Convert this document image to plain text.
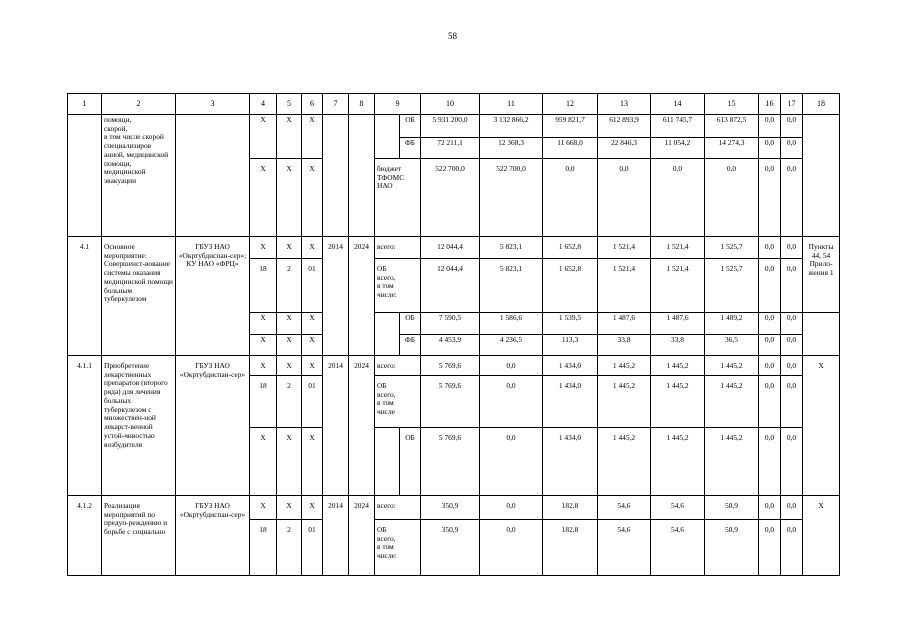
58
1	2	3	4	5	6	7	8	9		10	11	12	13	14	15	16	17	18
	помощи,
скорой,
в том числе скорой специализиров анной, медицинской помощи, медицинской эвакуации		X	X	X				ОБ	5 931 200,0	3 132 866,2	959 821,7	612 893,9	611 745,7	613 872,5	0,0	0,0	
									ФБ	72 211,1	12 368,3	11 668,0	22 846,3	11 054,2	14 274,3	0,0	0,0	
			X	X	X			бюджет ТФОМС НАО		522 700,0	522 700,0	0,0	0,0	0,0	0,0	0,0	0,0	
4.1	Основное мероприятие: Совершенст-вование системы оказания медицинской помощи больным туберкулезом	ГБУЗ НАО «Окртубдиспан-сер»;
КУ НАО «ФРЦ»	X	X	X	2014	2024	всего:		12 044,4	5 823,1	1 652,8	1 521,4	1 521,4	1 525,7	0,0	0,0	Пункты 44, 54 Прило-жения 1
			18	2	01			ОБ
всего,
в том
числе:		12 044,4	5 823,1	1 652,8	1 521,4	1 521,4	1 525,7	0,0	0,0	
			X	X	X				ОБ	7 590,5	1 586,6	1 539,5	1 487,6	1 487,6	1 489,2	0,0	0,0	
			X	X	X				ФБ	4 453,9	4 236,5	113,3	33,8	33,8	36,5	0,0	0,0	
4.1.1	Приобретение лекарственных препаратов (второго ряда) для лечения больных туберкулезом с множествен-ной лекарст-венной устой-чивостью возбудителя	ГБУЗ НАО «Окртубдиспан-сер»	X	X	X	2014	2024	всего:		5 769,6	0,0	1 434,0	1 445,2	1 445,2	1 445,2	0,0	0,0	X
			18	2	01			ОБ
всего,
в том
числе		5 769,6	0,0	1 434,0	1 445,2	1 445,2	1 445,2	0,0	0,0	
			X	X	X				ОБ	5 769,6	0,0	1 434,0	1 445,2	1 445,2	1 445,2	0,0	0,0	
4.1.2	Реализация мероприятий по предуп-реждению и борьбе с социально	ГБУЗ НАО «Окртубдиспан-сер»	X	X	X	2014	2024	всего:		350,9	0,0	182,8	54,6	54,6	58,9	0,0	0,0	X
			18	2	01			ОБ
всего,
в том
числе:		350,9	0,0	182,8	54,6	54,6	58,9	0,0	0,0	
